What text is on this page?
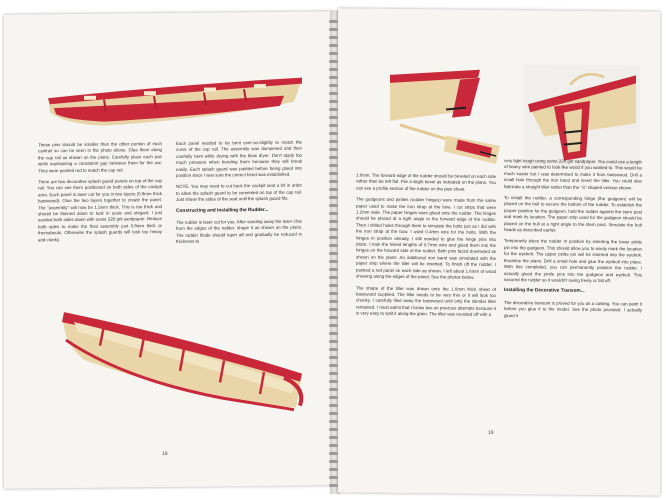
These pins should be smaller than the other portion of each cantrail so can be seen in the photo above. Glue them along the cap rail as shown on the plans. Carefully place each pair while maintaining a consistent gap between them for the oar. They were painted red to match the cap rail.

There are two decorative splash guard panels on top of the cap rail. You can see them positioned on both sides of the cockpit area. Each panel is laser cut for you in two layers (0.8mm thick basswood). Glue the two layers together to create the panel. The "assembly" will now be 1.5mm thick. This is too thick and should be thinned down to look in scale and elegant. I just sanded both sides down with some 320 grit sandpaper. Reduce both sides to make the final assembly just 0.8mm thick or thereabouts. Otherwise the splash guards will look too heavy and clunky.

Each panel needed to be bent ever-so-slightly to match the curve of the cap rail. The assembly was dampened and then carefully bent while drying with the blow dryer. Don't apply too much pressure when bending them because they will break easily. Each splash guard was painted before being glued into position since I was sure the correct bend was established.

NOTE: You may need to cut back the cockpit seat a bit in order to allow the splash guard to be cemented on top of the cap rail. Just shave the sides of the seat until the splash guard fits.

Constructing and Installing the Rudder...

The rudder is laser cut for you. After sanding away the laser char from the edges of the rudder, shape it as shown on the plans. The rudder blade should taper aft and gradually be reduced in thickness to

18

1.6mm. The forward edge of the rudder should be beveled on each side rather than be left flat. File a slight bevel as indicated on the plans. You can see a profile section of the rudder on the plan sheet.

The gudgeons and pintles (rudder hinges) were made from the same paper used to make the iron strap at the bow. I cut strips that were 1.2mm wide. The paper hinges were glued onto the rudder. The hinges should be placed at a right angle to the forward edge of the rudder. Then I drilled holes through them to simulate the bolts just as I did with the iron strap at the bow. I used 0.4mm wire for the bolts. With the hinges in position already, I still needed to glue the hinge pins into place. I took the tiniest lengths of 0.7mm wire and glued them into the hinges on the forward side of the rudder. Both pins faced downward as shown on the plans. An additional iron band was simulated with the paper strip where the tiller will be inserted. To finish off the rudder, I painted a red panel on each side as shown. I left about 1.6mm of wood showing along the edges of the panel. See the photos below.

The shape of the tiller was drawn onto the 1.6mm thick sheet of basswood supplied. The tiller needs to be very thin or it will look too chunky. I carefully filed away the basswood until only the slender tiller remained. I must admit that I broke two on previous attempts because it is very easy to split it along the grain. The tiller was rounded off with a

very light tough using some 220 grit sandpaper. You could use a length of heavy wire painted to look like wood if you wanted to. This would be much easier but I was determined to make it from basswood. Drill a small hole through the iron band and insert the tiller. You could also fabricate a straight tiller rather than the "S" shaped version shown.

To install the rudder, a corresponding hinge (the gudgeon) will be placed on the hull to secure the bottom of the rudder. To establish the proper position for the gudgeon, hold the rudder against the stern post and mark its location. The paper strip used for the gudgeon should be placed on the hull at a right angle to the stern post. Simulate the bolt heads as described earlier.

Temporarily place the rudder in position by inserting the lower pintle pin into the gudgeon. This should allow you to easily mark the location for the eyebolt. The upper pintle pin will be inserted into the eyebolt. Examine the plans. Drill a small hole and glue the eyebolt into place. With this completed, you can permanently position the rudder. I actually glued the pintle pins into the gudgeon and eyebolt. This secured the rudder so it wouldn't swing freely or fall off.

Installing the Decorative Transom...

The decorative transom is proved for you as a casting. You can paint it before you glue it to the model. See the photo provided. I actually glued it

19
